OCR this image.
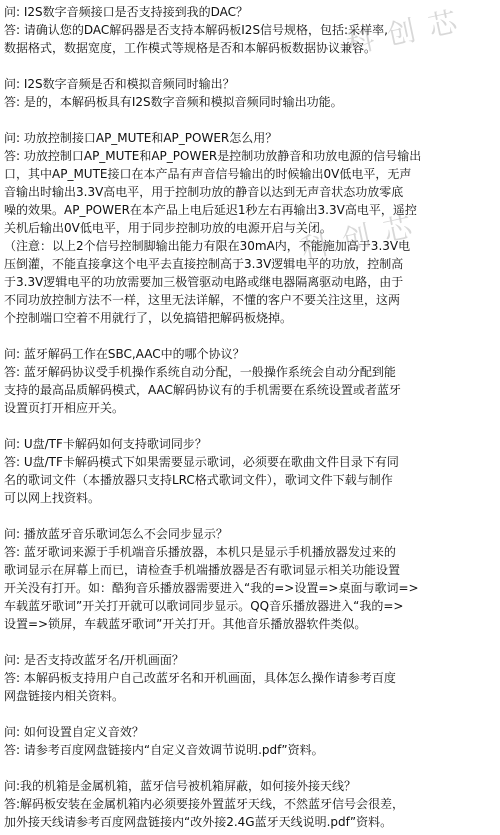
科创芯
科创芯

问: I2S数字音频接口是否支持接到我的DAC？

答: 请确认您的DAC解码器是否支持本解码板I2S信号规格，包括:采样率,

数据格式，数据宽度，工作模式等规格是否和本解码板数据协议兼容。

问: I2S数字音频是否和模拟音频同时输出？

答: 是的，本解码板具有I2S数字音频和模拟音频同时输出功能。

问: 功放控制接口AP_MUTE和AP_POWER怎么用？

答: 功放控制口AP_MUTE和AP_POWER是控制功放静音和功放电源的信号输出

口，其中AP_MUTE接口在本产品有声音信号输出的时候输出0V低电平，无声

音输出时输出3.3V高电平，用于控制功放的静音以达到无声音状态功放零底

噪的效果。AP_POWER在本产品上电后延迟1秒左右再输出3.3V高电平，遥控

关机后输出0V低电平，用于同步控制功放的电源开启与关闭。

（注意：以上2个信号控制脚输出能力有限在30mA内，不能施加高于3.3V电

压倒灌，不能直接拿这个电平去直接控制高于3.3V逻辑电平的功放，控制高

于3.3V逻辑电平的功放需要加三极管驱动电路或继电器隔离驱动电路，由于

不同功放控制方法不一样，这里无法详解，不懂的客户不要关注这里，这两

个控制端口空着不用就行了，以免搞错把解码板烧掉。

问: 蓝牙解码工作在SBC,AAC中的哪个协议？

答: 蓝牙解码协议受手机操作系统自动分配，一般操作系统会自动分配到能

支持的最高品质解码模式，AAC解码协议有的手机需要在系统设置或者蓝牙

设置页打开相应开关。

问: U盘/TF卡解码如何支持歌词同步？

答: U盘/TF卡解码模式下如果需要显示歌词，必须要在歌曲文件目录下有同

名的歌词文件（本播放器只支持LRC格式歌词文件），歌词文件下载与制作

可以网上找资料。

问: 播放蓝牙音乐歌词怎么不会同步显示？

答: 蓝牙歌词来源于手机端音乐播放器，本机只是显示手机播放器发过来的

歌词显示在屏幕上而已，请检查手机端播放器是否有歌词显示相关功能设置

开关没有打开。如：酷狗音乐播放器需要进入“我的=>设置=>桌面与歌词=>

车载蓝牙歌词”开关打开就可以歌词同步显示。QQ音乐播放器进入“我的=>

设置=>锁屏，车载蓝牙歌词”开关打开。其他音乐播放器软件类似。

问: 是否支持改蓝牙名/开机画面？

答: 本解码板支持用户自己改蓝牙名和开机画面，具体怎么操作请参考百度

网盘链接内相关资料。

问: 如何设置自定义音效？

答: 请参考百度网盘链接内“自定义音效调节说明.pdf”资料。

问:我的机箱是金属机箱，蓝牙信号被机箱屏蔽，如何接外接天线？

答:解码板安装在金属机箱内必须要接外置蓝牙天线，不然蓝牙信号会很差，

加外接天线请参考百度网盘链接内“改外接2.4G蓝牙天线说明.pdf”资料。
